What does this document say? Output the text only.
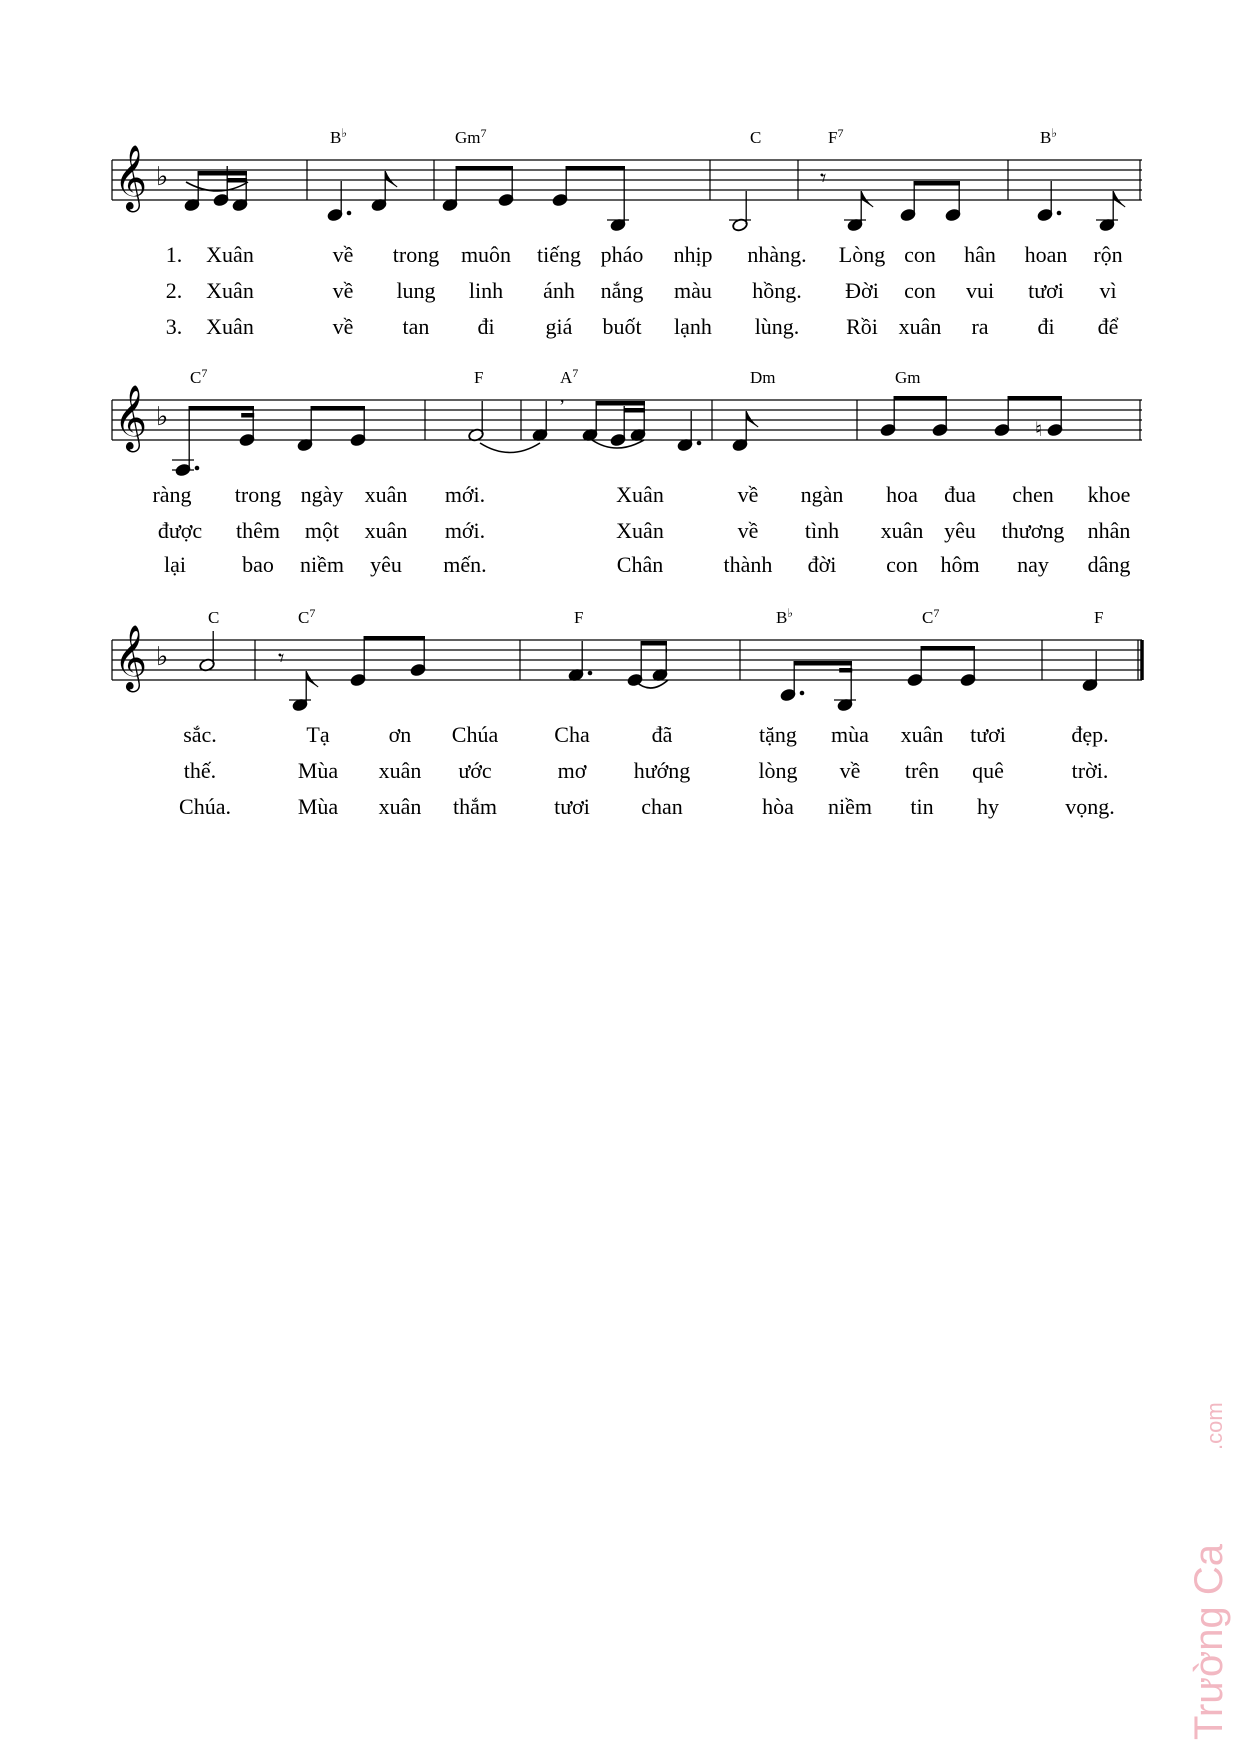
𝄞 ♭	𝄾
B♭	Gm$^7$	C	$F^7$	B♭
1. Xuân	về trong muôn tiếng pháo nhịp nhàng. Lòng con hân hoan rộn
2. Xuân	về lung linh ánh nắng màu hồng. Đời con vui tươi vì
3. Xuân	về tan đi giá buốt lạnh lùng. Rồi xuân ra đi để
𝄞 ♭	♮
$C^7$	F	$A^7$	Dm	Gm
ràng trong ngày xuân mới.	Xuân	về ngàn hoa đua chen khoe
được thêm một xuân mới.	Xuân	về tình xuân yêu thương nhân
lại	bao niềm yêu mến.	Chân	thành đời con hôm nay dâng
,
𝄞 ♭	𝄾
C	$C^7$	F	B♭	$C^7$	F
sắc.	Tạ	ơn Chúa	Cha	đã	tặng mùa xuân tươi	đẹp.
thế.	Mùa xuân ước	mơ hướng	lòng về trên quê	trời.
Chúa.	Mùa xuân thắm	tươi chan	hòa niềm tin hy	vọng.
Trường Ca
.com
